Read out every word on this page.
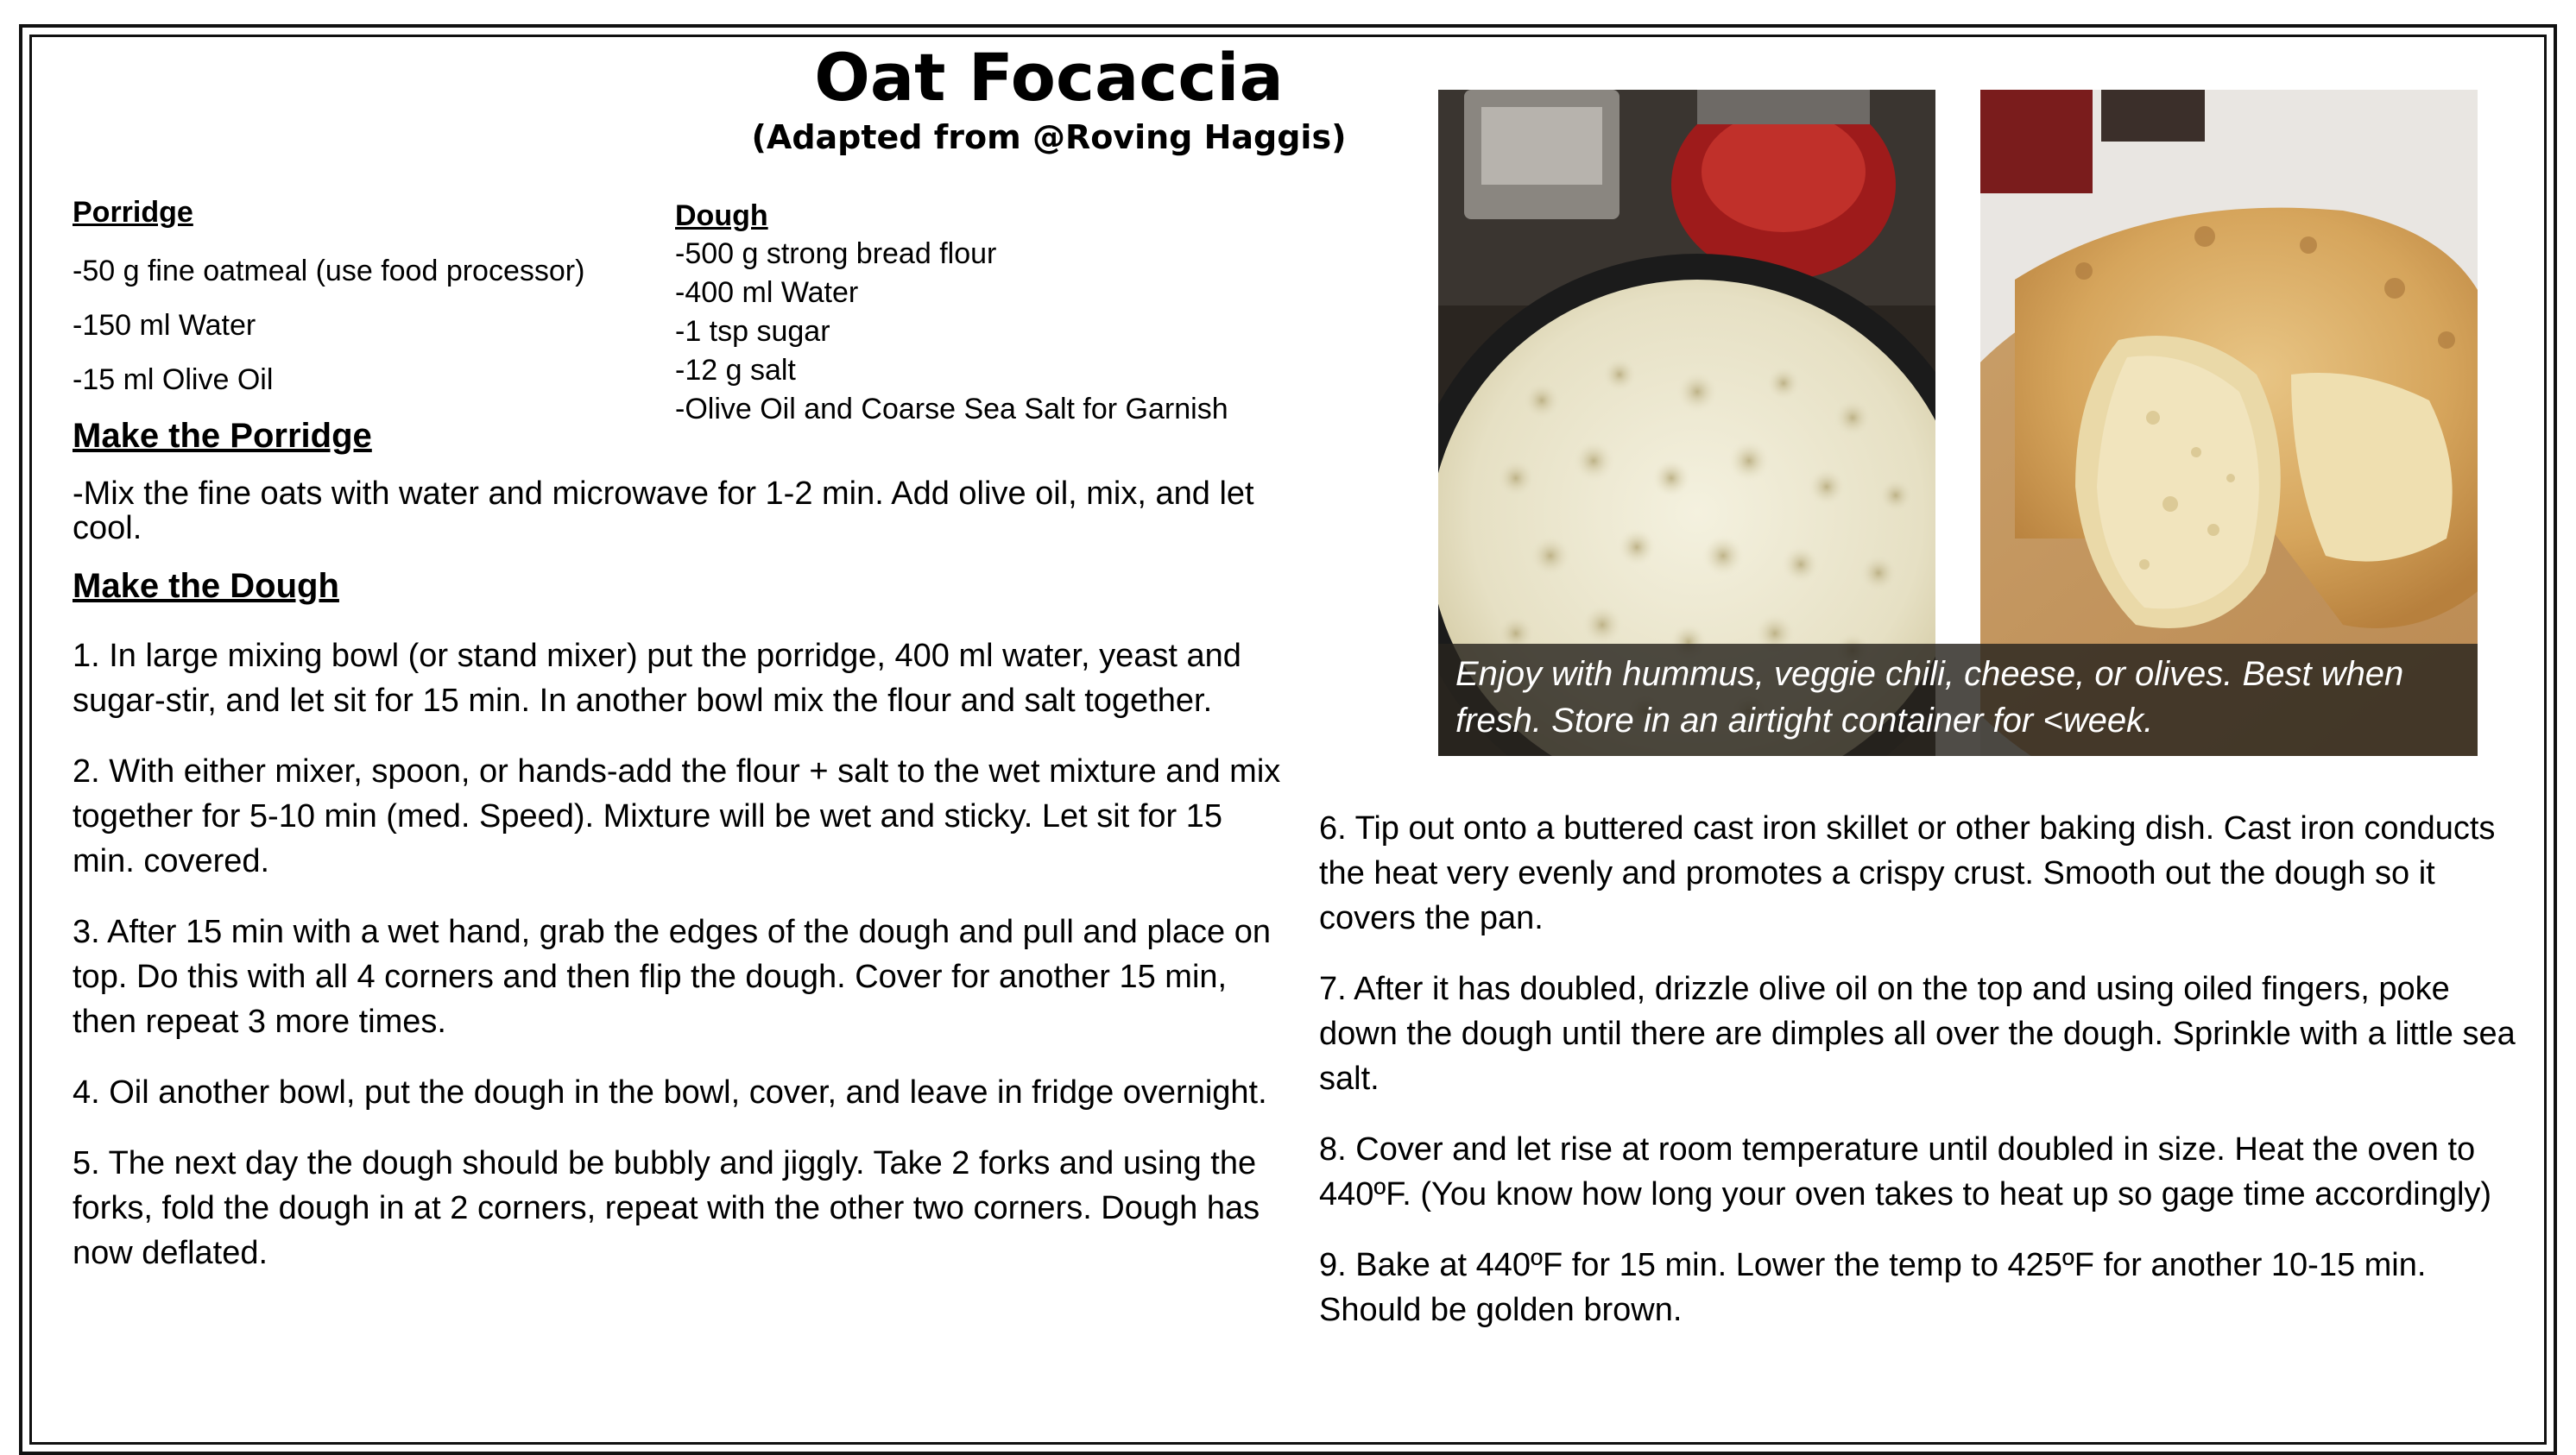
Oat Focaccia
(Adapted from @Roving Haggis)
Porridge
-50 g fine oatmeal (use food processor)
-150 ml Water
-15 ml Olive Oil
Dough
-500 g strong bread flour
-400 ml Water
-1 tsp sugar
-12 g salt
-Olive Oil and Coarse Sea Salt for Garnish
Make the Porridge
-Mix the fine oats with water and microwave for 1-2 min. Add olive oil, mix, and let cool.
Make the Dough
1. In large mixing bowl (or stand mixer) put the porridge, 400 ml water, yeast and sugar-stir, and let sit for 15 min. In another bowl mix the flour and salt together.
2. With either mixer, spoon, or hands-add the flour + salt to the wet mixture and mix together for 5-10 min (med. Speed). Mixture will be wet and sticky. Let sit for 15 min. covered.
3. After 15 min with a wet hand, grab the edges of the dough and pull and place on top. Do this with all 4 corners and then flip the dough. Cover for another 15 min, then repeat 3 more times.
4. Oil another bowl, put the dough in the bowl, cover, and leave in fridge overnight.
5. The next day the dough should be bubbly and jiggly. Take 2 forks and using the forks, fold the dough in at 2 corners, repeat with the other two corners. Dough has now deflated.
6. Tip out onto a buttered cast iron skillet or other baking dish. Cast iron conducts the heat very evenly and promotes a crispy crust. Smooth out the dough so it covers the pan.
7. After it has doubled, drizzle olive oil on the top and using oiled fingers, poke down the dough until there are dimples all over the dough. Sprinkle with a little sea salt.
8. Cover and let rise at room temperature until doubled in size. Heat the oven to 440ºF. (You know how long your oven takes to heat up so gage time accordingly)
9. Bake at 440ºF for 15 min. Lower the temp to 425ºF for another 10-15 min. Should be golden brown.
Enjoy with hummus, veggie chili, cheese, or olives. Best when fresh. Store in an airtight container for <week.
